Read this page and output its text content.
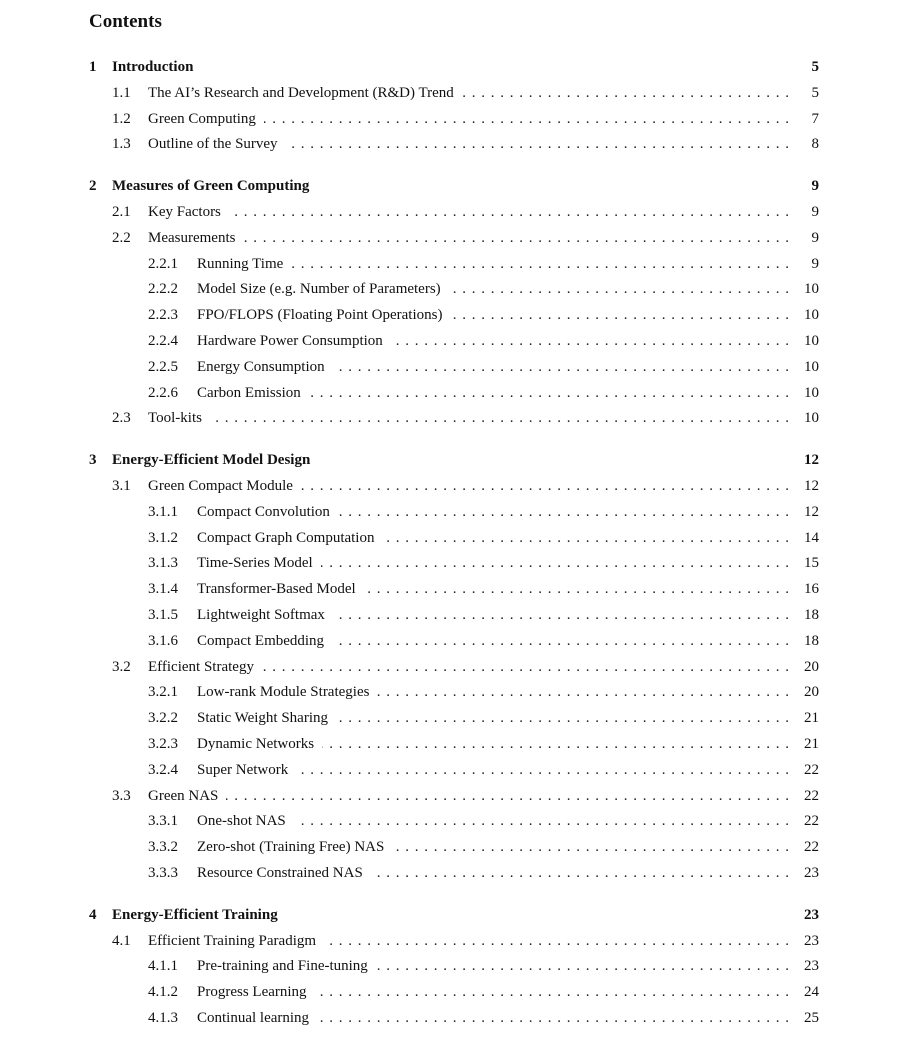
Contents
1 Introduction	5
1.1 The AI’s Research and Development (R&D) Trend . . .	5
1.2 Green Computing . . .	7
1.3 Outline of the Survey . . .	8
2 Measures of Green Computing	9
2.1 Key Factors . . .	9
2.2 Measurements . . .	9
2.2.1 Running Time . . .	9
2.2.2 Model Size (e.g. Number of Parameters) . . .	10
2.2.3 FPO/FLOPS (Floating Point Operations) . . .	10
2.2.4 Hardware Power Consumption . . .	10
2.2.5 Energy Consumption . . .	10
2.2.6 Carbon Emission . . .	10
2.3 Tool-kits . . .	10
3 Energy-Efficient Model Design	12
3.1 Green Compact Module . . .	12
3.1.1 Compact Convolution . . .	12
3.1.2 Compact Graph Computation . . .	14
3.1.3 Time-Series Model . . .	15
3.1.4 Transformer-Based Model . . .	16
3.1.5 Lightweight Softmax . . .	18
3.1.6 Compact Embedding . . .	18
3.2 Efficient Strategy . . .	20
3.2.1 Low-rank Module Strategies . . .	20
3.2.2 Static Weight Sharing . . .	21
3.2.3 Dynamic Networks . . .	21
3.2.4 Super Network . . .	22
3.3 Green NAS . . .	22
3.3.1 One-shot NAS . . .	22
3.3.2 Zero-shot (Training Free) NAS . . .	22
3.3.3 Resource Constrained NAS . . .	23
4 Energy-Efficient Training	23
4.1 Efficient Training Paradigm . . .	23
4.1.1 Pre-training and Fine-tuning . . .	23
4.1.2 Progress Learning . . .	24
4.1.3 Continual learning . . .	25
